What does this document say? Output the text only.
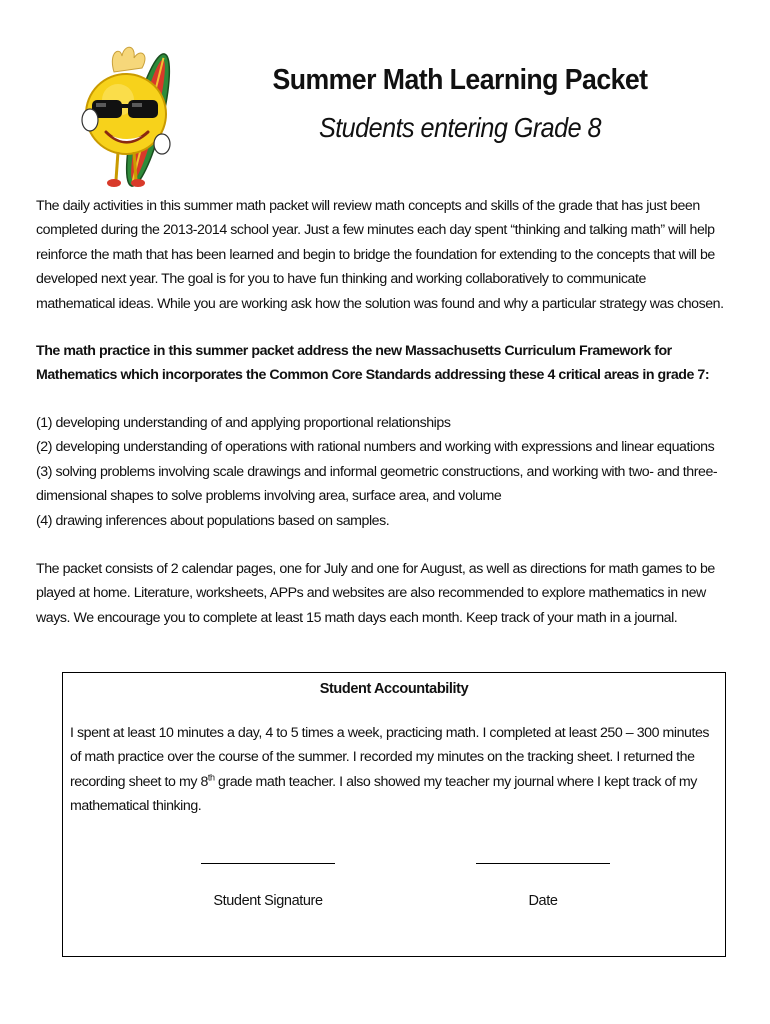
Summer Math Learning Packet
Students entering Grade 8
The daily activities in this summer math packet will review math concepts and skills of the grade that has just been completed during the 2013-2014 school year. Just a few minutes each day spent “thinking and talking math” will help reinforce the math that has been learned and begin to bridge the foundation for extending to the concepts that will be developed next year. The goal is for you to have fun thinking and working collaboratively to communicate mathematical ideas. While you are working ask how the solution was found and why a particular strategy was chosen.
The math practice in this summer packet address the new Massachusetts Curriculum Framework for Mathematics which incorporates the Common Core Standards addressing these 4 critical areas in grade 7:
(1) developing understanding of and applying proportional relationships
(2) developing understanding of operations with rational numbers and working with expressions and linear equations
(3) solving problems involving scale drawings and informal geometric constructions, and working with two- and three-dimensional shapes to solve problems involving area, surface area, and volume
(4) drawing inferences about populations based on samples.
The packet consists of 2 calendar pages, one for July and one for August, as well as directions for math games to be played at home. Literature, worksheets, APPs and websites are also recommended to explore mathematics in new ways. We encourage you to complete at least 15 math days each month. Keep track of your math in a journal.
Student Accountability
I spent at least 10 minutes a day, 4 to 5 times a week, practicing math. I completed at least 250 – 300 minutes of math practice over the course of the summer. I recorded my minutes on the tracking sheet. I returned the recording sheet to my 8th grade math teacher. I also showed my teacher my journal where I kept track of my mathematical thinking.
Student Signature	Date
